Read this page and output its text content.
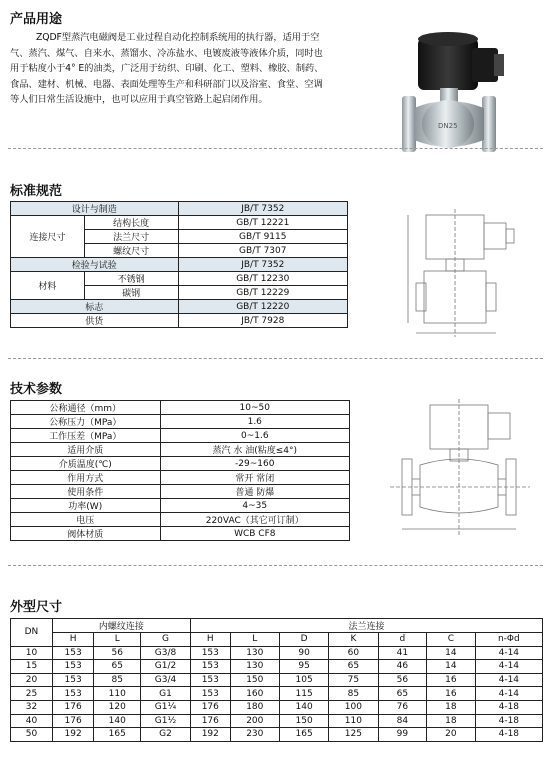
产品用途
ZQDF型蒸汽电磁阀是工业过程自动化控制系统用的执行器，适用于空气、蒸汽、煤气、自来水、蒸馏水、冷冻盐水、电镀废液等液体介质，同时也用于粘度小于4° E的油类，广泛用于纺织、印刷、化工、塑料、橡胶、制药、食品、建材、机械、电器、表面处理等生产和科研部门以及浴室、食堂、空调等人们日常生活设施中，也可以应用于真空管路上起启闭作用。
DN25
标准规范
设计与制造		JB/T 7352
连接尺寸	结构长度	GB/T 12221
	法兰尺寸	GB/T 9115
	螺纹尺寸	GB/T 7307
检验与试验		JB/T 7352
材料	不锈钢	GB/T 12230
	碳钢	GB/T 12229
标志		GB/T 12220
供货		JB/T 7928
技术参数
公称通径（mm）	10~50
公称压力（MPa）	1.6
工作压差（MPa）	0~1.6
适用介质	蒸汽 水 油(粘度≤4°)
介质温度(℃)	-29~160
作用方式	常开 常闭
使用条件	普通 防爆
功率(W)	4~35
电压	220VAC（其它可订制）
阀体材质	WCB CF8
外型尺寸
DN	内螺纹连接			法兰连接						
	H	L	G	H	L	D	K	d	C	n-Φd
10	153	56	G3/8	153	130	90	60	41	14	4-14
15	153	65	G1/2	153	130	95	65	46	14	4-14
20	153	85	G3/4	153	150	105	75	56	16	4-14
25	153	110	G1	153	160	115	85	65	16	4-14
32	176	120	G1¼	176	180	140	100	76	18	4-18
40	176	140	G1½	176	200	150	110	84	18	4-18
50	192	165	G2	192	230	165	125	99	20	4-18
